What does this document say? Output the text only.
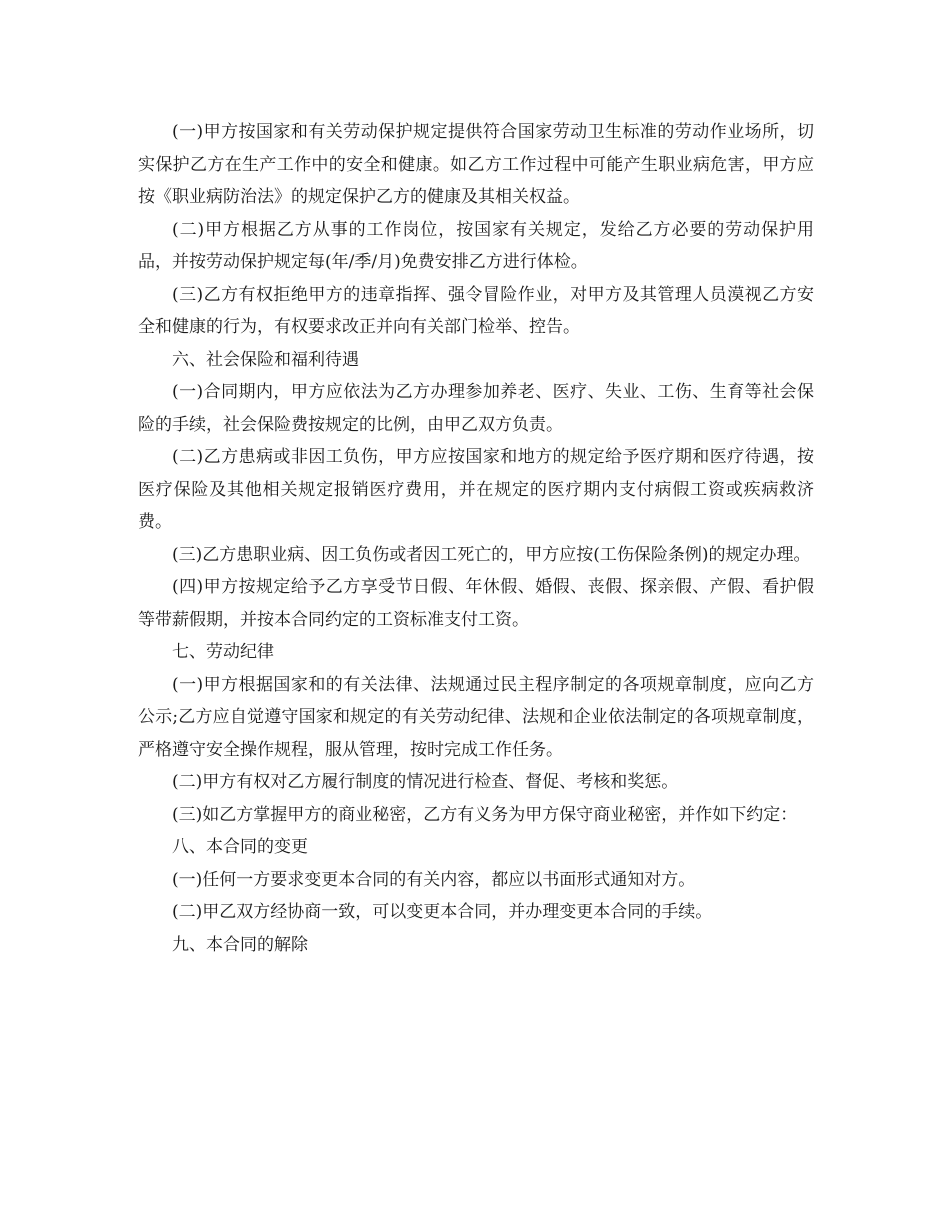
(一)甲方按国家和有关劳动保护规定提供符合国家劳动卫生标准的劳动作业场所，切实保护乙方在生产工作中的安全和健康。如乙方工作过程中可能产生职业病危害，甲方应按《职业病防治法》的规定保护乙方的健康及其相关权益。

(二)甲方根据乙方从事的工作岗位，按国家有关规定，发给乙方必要的劳动保护用品，并按劳动保护规定每(年/季/月)免费安排乙方进行体检。

(三)乙方有权拒绝甲方的违章指挥、强令冒险作业，对甲方及其管理人员漠视乙方安全和健康的行为，有权要求改正并向有关部门检举、控告。

六、社会保险和福利待遇

(一)合同期内，甲方应依法为乙方办理参加养老、医疗、失业、工伤、生育等社会保险的手续，社会保险费按规定的比例，由甲乙双方负责。

(二)乙方患病或非因工负伤，甲方应按国家和地方的规定给予医疗期和医疗待遇，按医疗保险及其他相关规定报销医疗费用，并在规定的医疗期内支付病假工资或疾病救济费。

(三)乙方患职业病、因工负伤或者因工死亡的，甲方应按(工伤保险条例)的规定办理。

(四)甲方按规定给予乙方享受节日假、年休假、婚假、丧假、探亲假、产假、看护假等带薪假期，并按本合同约定的工资标准支付工资。

七、劳动纪律

(一)甲方根据国家和的有关法律、法规通过民主程序制定的各项规章制度，应向乙方公示;乙方应自觉遵守国家和规定的有关劳动纪律、法规和企业依法制定的各项规章制度，严格遵守安全操作规程，服从管理，按时完成工作任务。

(二)甲方有权对乙方履行制度的情况进行检查、督促、考核和奖惩。

(三)如乙方掌握甲方的商业秘密，乙方有义务为甲方保守商业秘密，并作如下约定：

八、本合同的变更

(一)任何一方要求变更本合同的有关内容，都应以书面形式通知对方。

(二)甲乙双方经协商一致，可以变更本合同，并办理变更本合同的手续。

九、本合同的解除
